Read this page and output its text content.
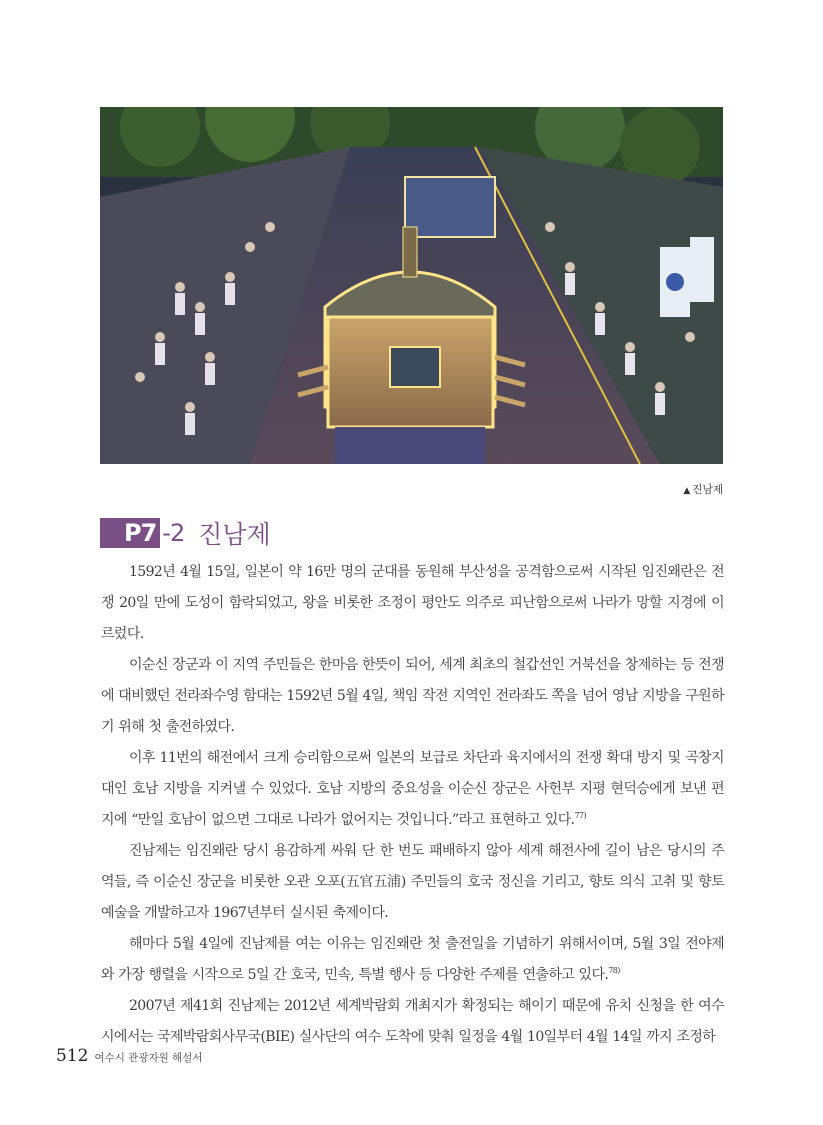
▲ 진남제
P7 -2 진남제

1592년 4월 15일, 일본이 약 16만 명의 군대를 동원해 부산성을 공격함으로써 시작된 임진왜란은 전쟁 20일 만에 도성이 함락되었고, 왕을 비롯한 조정이 평안도 의주로 피난함으로써 나라가 망할 지경에 이르렀다.

이순신 장군과 이 지역 주민들은 한마음 한뜻이 되어, 세계 최초의 철갑선인 거북선을 창제하는 등 전쟁에 대비했던 전라좌수영 함대는 1592년 5월 4일, 책임 작전 지역인 전라좌도 쪽을 넘어 영남 지방을 구원하기 위해 첫 출전하였다.

이후 11번의 해전에서 크게 승리함으로써 일본의 보급로 차단과 육지에서의 전쟁 확대 방지 및 곡창지대인 호남 지방을 지켜낼 수 있었다. 호남 지방의 중요성을 이순신 장군은 사헌부 지평 현덕승에게 보낸 편지에 “만일 호남이 없으면 그대로 나라가 없어지는 것입니다.”라고 표현하고 있다.$^{77)}$

진남제는 임진왜란 당시 용감하게 싸워 단 한 번도 패배하지 않아 세계 해전사에 길이 남은 당시의 주역들, 즉 이순신 장군을 비롯한 오관 오포(五官五浦) 주민들의 호국 정신을 기리고, 향토 의식 고취 및 향토 예술을 개발하고자 1967년부터 실시된 축제이다.

해마다 5월 4일에 진남제를 여는 이유는 임진왜란 첫 출전일을 기념하기 위해서이며, 5월 3일 전야제와 가장 행렬을 시작으로 5일 간 호국, 민속, 특별 행사 등 다양한 주제를 연출하고 있다.$^{78)}$

2007년 제41회 진남제는 2012년 세계박람회 개최지가 확정되는 해이기 때문에 유치 신청을 한 여수시에서는 국제박람회사무국(BIE) 실사단의 여수 도착에 맞춰 일정을 4월 10일부터 4월 14일 까지 조정하

512 여수시 관광자원 해설서
